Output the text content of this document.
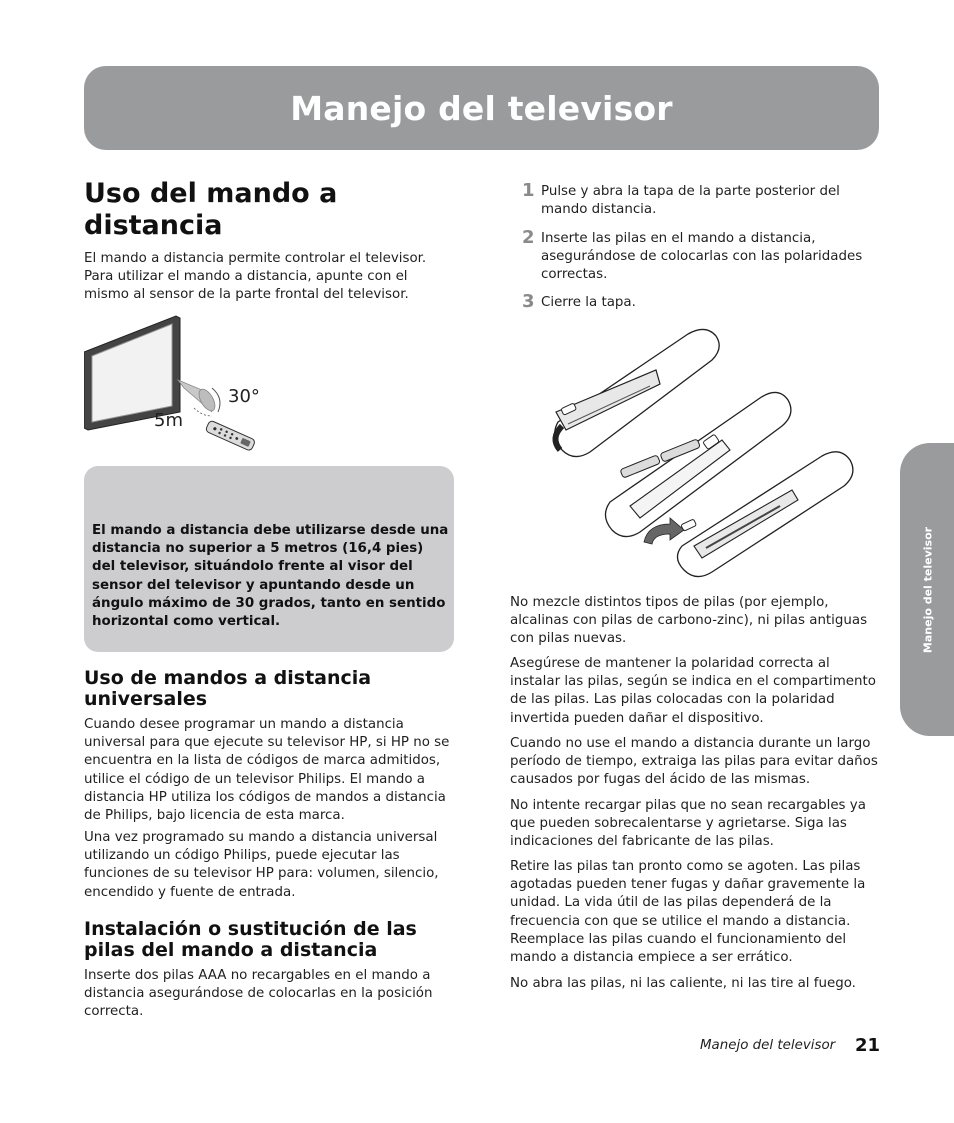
Manejo del televisor
Manejo del televisor
Uso del mando a distancia

El mando a distancia permite controlar el televisor. Para utilizar el mando a distancia, apunte con el mismo al sensor de la parte frontal del televisor.

30°
5m

El mando a distancia debe utilizarse desde una distancia no superior a 5 metros (16,4 pies) del televisor, situándolo frente al visor del sensor del televisor y apuntando desde un ángulo máximo de 30 grados, tanto en sentido horizontal como vertical.

Uso de mandos a distancia universales

Cuando desee programar un mando a distancia universal para que ejecute su televisor HP, si HP no se encuentra en la lista de códigos de marca admitidos, utilice el código de un televisor Philips. El mando a distancia HP utiliza los códigos de mandos a distancia de Philips, bajo licencia de esta marca.

Una vez programado su mando a distancia universal utilizando un código Philips, puede ejecutar las funciones de su televisor HP para: volumen, silencio, encendido y fuente de entrada.

Instalación o sustitución de las pilas del mando a distancia

Inserte dos pilas AAA no recargables en el mando a distancia asegurándose de colocarlas en la posición correcta.

1 Pulse y abra la tapa de la parte posterior del mando distancia.
2 Inserte las pilas en el mando a distancia, asegurándose de colocarlas con las polaridades correctas.
3 Cierre la tapa.

No mezcle distintos tipos de pilas (por ejemplo, alcalinas con pilas de carbono-zinc), ni pilas antiguas con pilas nuevas.

Asegúrese de mantener la polaridad correcta al instalar las pilas, según se indica en el compartimento de las pilas. Las pilas colocadas con la polaridad invertida pueden dañar el dispositivo.

Cuando no use el mando a distancia durante un largo período de tiempo, extraiga las pilas para evitar daños causados por fugas del ácido de las mismas.

No intente recargar pilas que no sean recargables ya que pueden sobrecalentarse y agrietarse. Siga las indicaciones del fabricante de las pilas.

Retire las pilas tan pronto como se agoten. Las pilas agotadas pueden tener fugas y dañar gravemente la unidad. La vida útil de las pilas dependerá de la frecuencia con que se utilice el mando a distancia. Reemplace las pilas cuando el funcionamiento del mando a distancia empiece a ser errático.

No abra las pilas, ni las caliente, ni las tire al fuego.

Manejo del televisor 21
